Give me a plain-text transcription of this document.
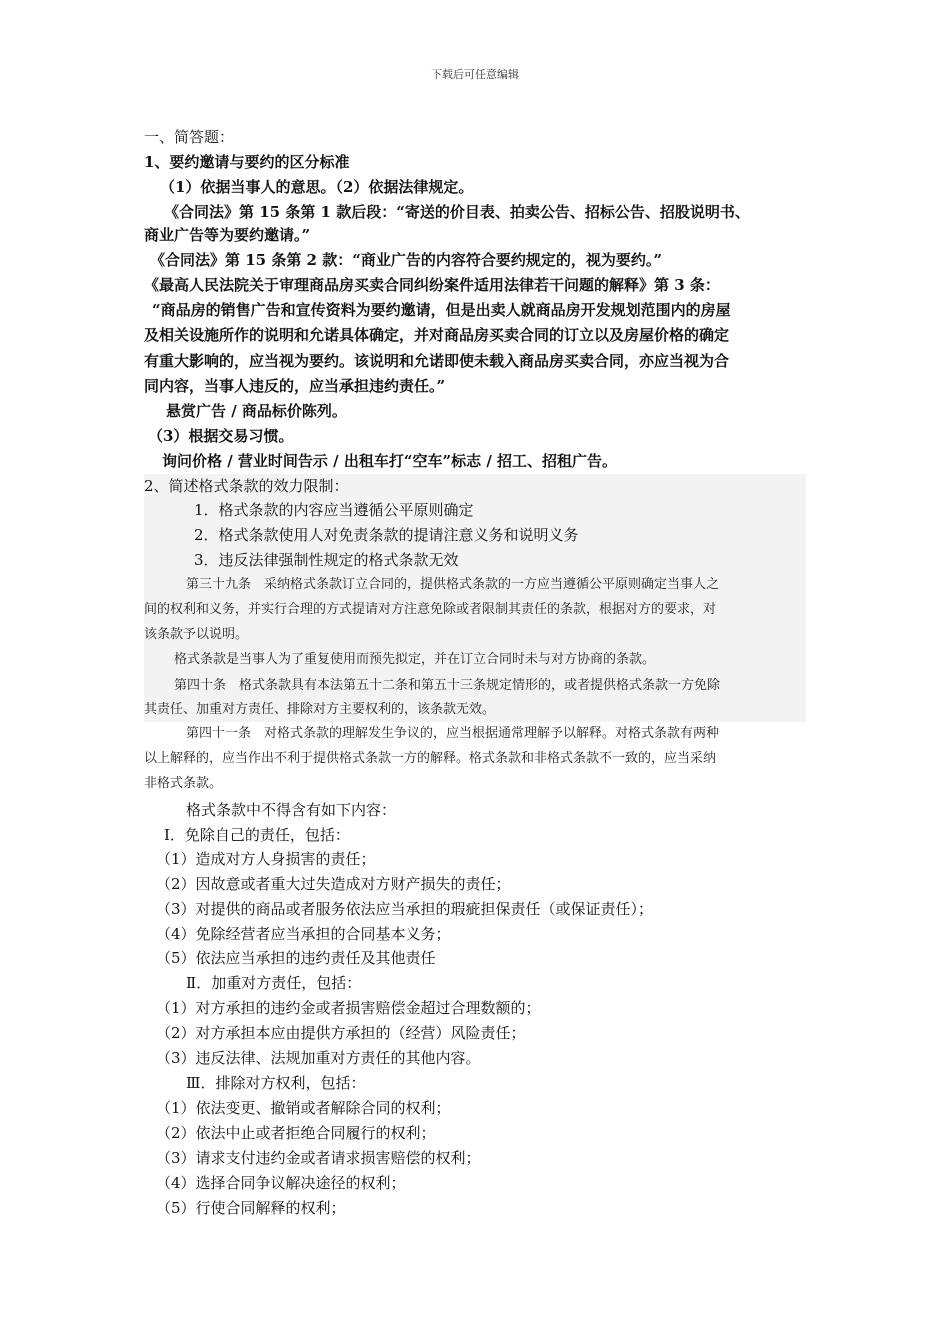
下载后可任意编辑
一、简答题：
1、要约邀请与要约的区分标准
（1）依据当事人的意思。（2）依据法律规定。
《合同法》第 15 条第 1 款后段：“寄送的价目表、拍卖公告、招标公告、招股说明书、
商业广告等为要约邀请。”
《合同法》第 15 条第 2 款：“商业广告的内容符合要约规定的，视为要约。”
《最高人民法院关于审理商品房买卖合同纠纷案件适用法律若干问题的解释》第 3 条：
“商品房的销售广告和宣传资料为要约邀请，但是出卖人就商品房开发规划范围内的房屋
及相关设施所作的说明和允诺具体确定，并对商品房买卖合同的订立以及房屋价格的确定
有重大影响的，应当视为要约。该说明和允诺即使未载入商品房买卖合同，亦应当视为合
同内容，当事人违反的，应当承担违约责任。”
悬赏广告 / 商品标价陈列。
（3）根据交易习惯。
询问价格 / 营业时间告示 / 出租车打“空车”标志 / 招工、招租广告。
2、简述格式条款的效力限制：
1．格式条款的内容应当遵循公平原则确定
2．格式条款使用人对免责条款的提请注意义务和说明义务
3．违反法律强制性规定的格式条款无效
第三十九条　采纳格式条款订立合同的，提供格式条款的一方应当遵循公平原则确定当事人之
间的权利和义务，并实行合理的方式提请对方注意免除或者限制其责任的条款，根据对方的要求，对
该条款予以说明。
格式条款是当事人为了重复使用而预先拟定，并在订立合同时未与对方协商的条款。
第四十条　格式条款具有本法第五十二条和第五十三条规定情形的，或者提供格式条款一方免除
其责任、加重对方责任、排除对方主要权利的，该条款无效。
第四十一条　对格式条款的理解发生争议的，应当根据通常理解予以解释。对格式条款有两种
以上解释的，应当作出不利于提供格式条款一方的解释。格式条款和非格式条款不一致的，应当采纳
非格式条款。
格式条款中不得含有如下内容：
Ⅰ．免除自己的责任，包括：
（1）造成对方人身损害的责任；
（2）因故意或者重大过失造成对方财产损失的责任；
（3）对提供的商品或者服务依法应当承担的瑕疵担保责任（或保证责任）；
（4）免除经营者应当承担的合同基本义务；
（5）依法应当承担的违约责任及其他责任
Ⅱ．加重对方责任，包括：
（1）对方承担的违约金或者损害赔偿金超过合理数额的；
（2）对方承担本应由提供方承担的（经营）风险责任；
（3）违反法律、法规加重对方责任的其他内容。
Ⅲ．排除对方权利，包括：
（1）依法变更、撤销或者解除合同的权利；
（2）依法中止或者拒绝合同履行的权利；
（3）请求支付违约金或者请求损害赔偿的权利；
（4）选择合同争议解决途径的权利；
（5）行使合同解释的权利；
